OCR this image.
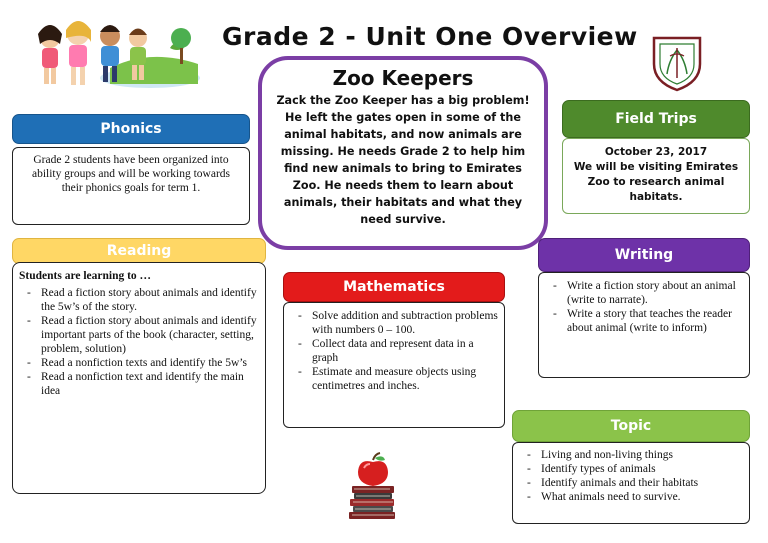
Grade 2 - Unit One Overview
Phonics
Grade 2 students have been organized into ability groups and will be working towards their phonics goals for term 1.
Reading
Students are learning to …
- Read a fiction story about animals and identify the 5w’s of the story.
- Read a fiction story about animals and identify important parts of the book (character, setting, problem, solution)
- Read a nonfiction texts and identify the 5w’s
- Read a nonfiction text and identify the main idea
Zoo Keepers
Zack the Zoo Keeper has a big problem! He left the gates open in some of the animal habitats, and now animals are missing. He needs Grade 2 to help him find new animals to bring to Emirates Zoo. He needs them to learn about animals, their habitats and what they need survive.
Field Trips
October 23, 2017
We will be visiting Emirates Zoo to research animal habitats.
Mathematics
- Solve addition and subtraction problems with numbers 0 – 100.
- Collect data and represent data in a graph
- Estimate and measure objects using centimetres and inches.
Writing
- Write a fiction story about an animal (write to narrate).
- Write a story that teaches the reader about animal (write to inform)
Topic
- Living and non-living things
- Identify types of animals
- Identify animals and their habitats
- What animals need to survive.
